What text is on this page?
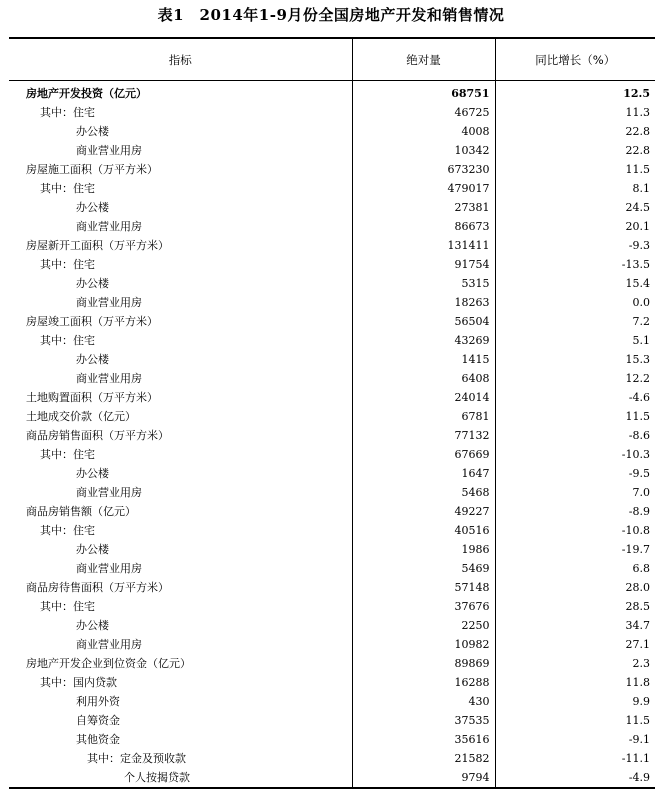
表1　2014年1-9月份全国房地产开发和销售情况
指标	绝对量	同比增长（%）
房地产开发投资（亿元）	68751	12.5
其中：住宅	46725	11.3
办公楼	4008	22.8
商业营业用房	10342	22.8
房屋施工面积（万平方米）	673230	11.5
其中：住宅	479017	8.1
办公楼	27381	24.5
商业营业用房	86673	20.1
房屋新开工面积（万平方米）	131411	-9.3
其中：住宅	91754	-13.5
办公楼	5315	15.4
商业营业用房	18263	0.0
房屋竣工面积（万平方米）	56504	7.2
其中：住宅	43269	5.1
办公楼	1415	15.3
商业营业用房	6408	12.2
土地购置面积（万平方米）	24014	-4.6
土地成交价款（亿元）	6781	11.5
商品房销售面积（万平方米）	77132	-8.6
其中：住宅	67669	-10.3
办公楼	1647	-9.5
商业营业用房	5468	7.0
商品房销售额（亿元）	49227	-8.9
其中：住宅	40516	-10.8
办公楼	1986	-19.7
商业营业用房	5469	6.8
商品房待售面积（万平方米）	57148	28.0
其中：住宅	37676	28.5
办公楼	2250	34.7
商业营业用房	10982	27.1
房地产开发企业到位资金（亿元）	89869	2.3
其中：国内贷款	16288	11.8
利用外资	430	9.9
自筹资金	37535	11.5
其他资金	35616	-9.1
其中：定金及预收款	21582	-11.1
个人按揭贷款	9794	-4.9
